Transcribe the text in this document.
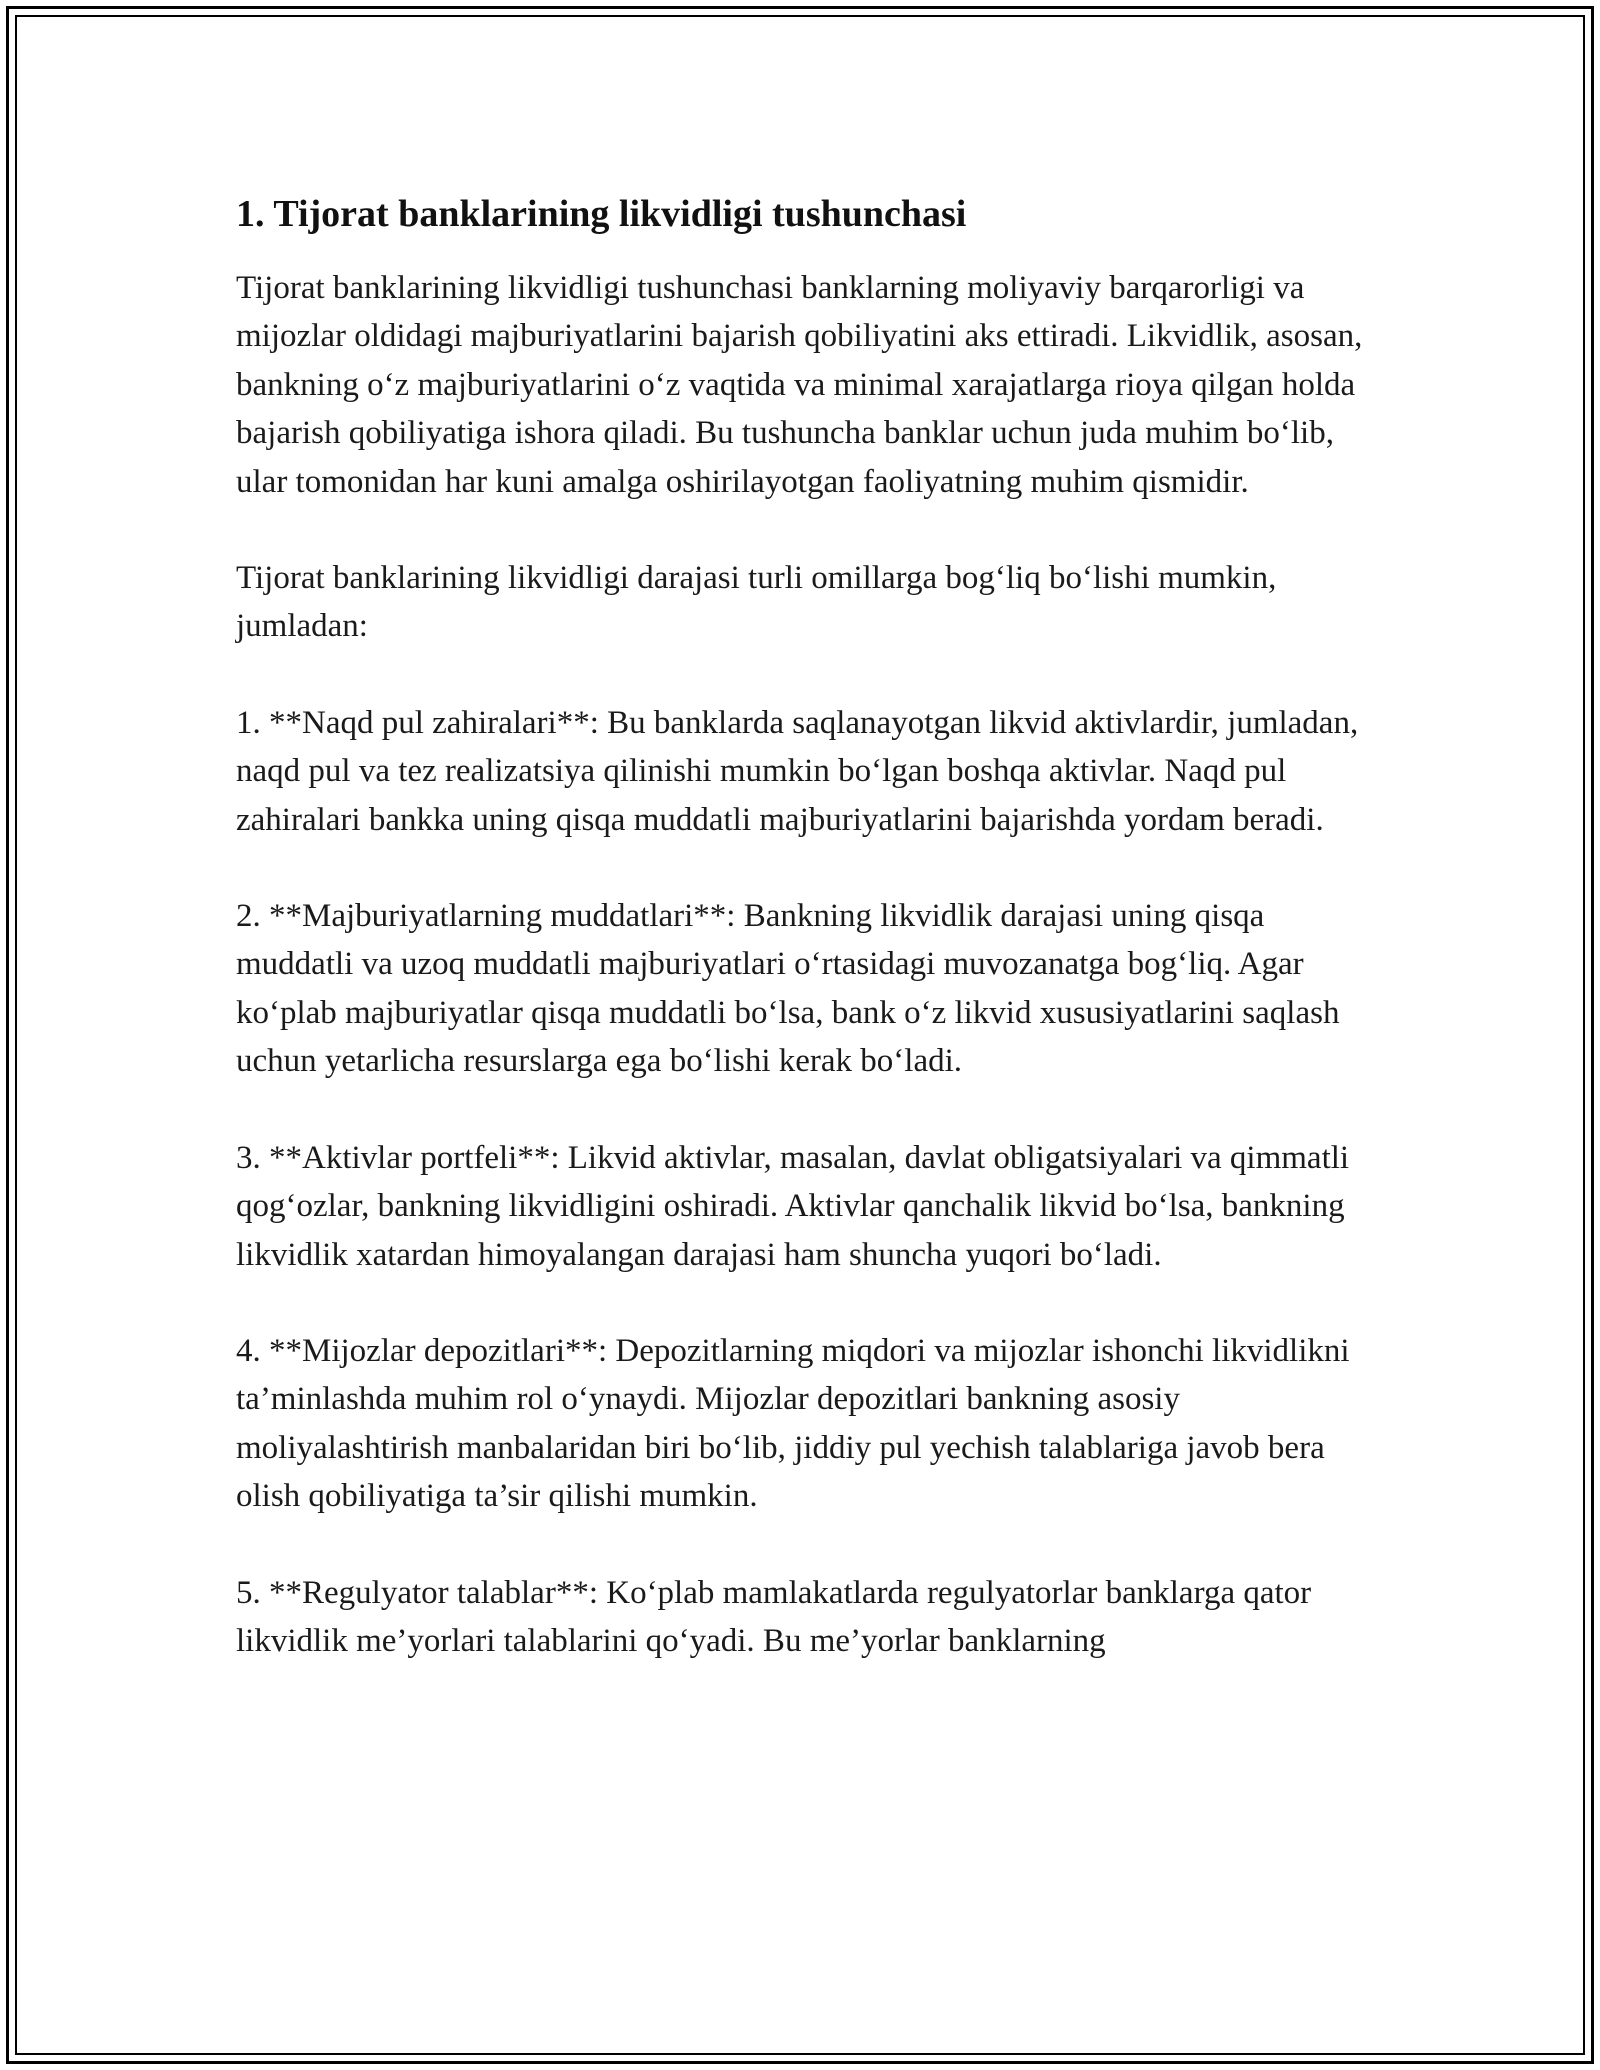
1. Tijorat banklarining likvidligi tushunchasi

Tijorat banklarining likvidligi tushunchasi banklarning moliyaviy barqarorligi va mijozlar oldidagi majburiyatlarini bajarish qobiliyatini aks ettiradi. Likvidlik, asosan, bankning o‘z majburiyatlarini o‘z vaqtida va minimal xarajatlarga rioya qilgan holda bajarish qobiliyatiga ishora qiladi. Bu tushuncha banklar uchun juda muhim bo‘lib, ular tomonidan har kuni amalga oshirilayotgan faoliyatning muhim qismidir.

Tijorat banklarining likvidligi darajasi turli omillarga bog‘liq bo‘lishi mumkin, jumladan:

1. **Naqd pul zahiralari**: Bu banklarda saqlanayotgan likvid aktivlardir, jumladan, naqd pul va tez realizatsiya qilinishi mumkin bo‘lgan boshqa aktivlar. Naqd pul zahiralari bankka uning qisqa muddatli majburiyatlarini bajarishda yordam beradi.

2. **Majburiyatlarning muddatlari**: Bankning likvidlik darajasi uning qisqa muddatli va uzoq muddatli majburiyatlari o‘rtasidagi muvozanatga bog‘liq. Agar ko‘plab majburiyatlar qisqa muddatli bo‘lsa, bank o‘z likvid xususiyatlarini saqlash uchun yetarlicha resurslarga ega bo‘lishi kerak bo‘ladi.

3. **Aktivlar portfeli**: Likvid aktivlar, masalan, davlat obligatsiyalari va qimmatli qog‘ozlar, bankning likvidligini oshiradi. Aktivlar qanchalik likvid bo‘lsa, bankning likvidlik xatardan himoyalangan darajasi ham shuncha yuqori bo‘ladi.

4. **Mijozlar depozitlari**: Depozitlarning miqdori va mijozlar ishonchi likvidlikni ta’minlashda muhim rol o‘ynaydi. Mijozlar depozitlari bankning asosiy moliyalashtirish manbalaridan biri bo‘lib, jiddiy pul yechish talablariga javob bera olish qobiliyatiga ta’sir qilishi mumkin.

5. **Regulyator talablar**: Ko‘plab mamlakatlarda regulyatorlar banklarga qator likvidlik me’yorlari talablarini qo‘yadi. Bu me’yorlar banklarning
